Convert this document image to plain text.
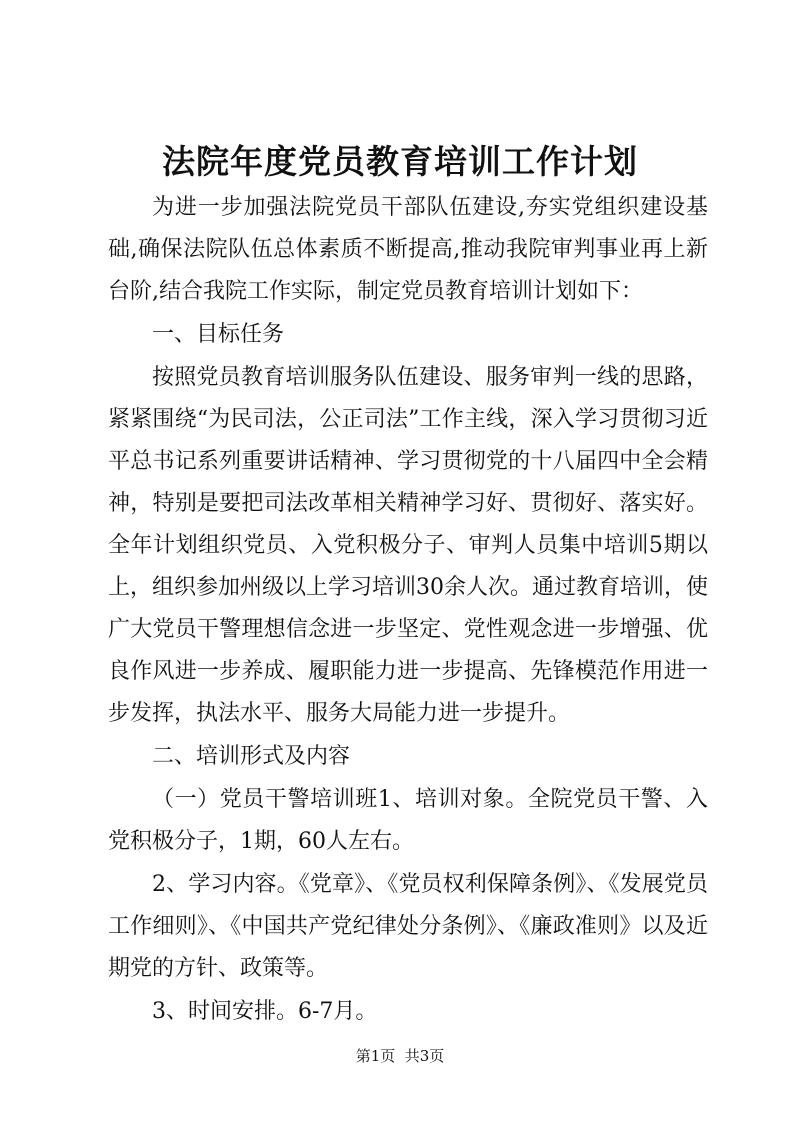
法院年度党员教育培训工作计划

为进一步加强法院党员干部队伍建设,夯实党组织建设基础,确保法院队伍总体素质不断提高,推动我院审判事业再上新台阶,结合我院工作实际，制定党员教育培训计划如下：

一、目标任务

按照党员教育培训服务队伍建设、服务审判一线的思路，紧紧围绕“为民司法，公正司法”工作主线，深入学习贯彻习近平总书记系列重要讲话精神、学习贯彻党的十八届四中全会精神，特别是要把司法改革相关精神学习好、贯彻好、落实好。全年计划组织党员、入党积极分子、审判人员集中培训5期以上，组织参加州级以上学习培训30余人次。通过教育培训，使广大党员干警理想信念进一步坚定、党性观念进一步增强、优良作风进一步养成、履职能力进一步提高、先锋模范作用进一步发挥，执法水平、服务大局能力进一步提升。

二、培训形式及内容

（一）党员干警培训班1、培训对象。全院党员干警、入党积极分子，1期，60人左右。

2、学习内容。《党章》、《党员权利保障条例》、《发展党员工作细则》、《中国共产党纪律处分条例》、《廉政准则》以及近期党的方针、政策等。

3、时间安排。6-7月。

第1页  共3页
